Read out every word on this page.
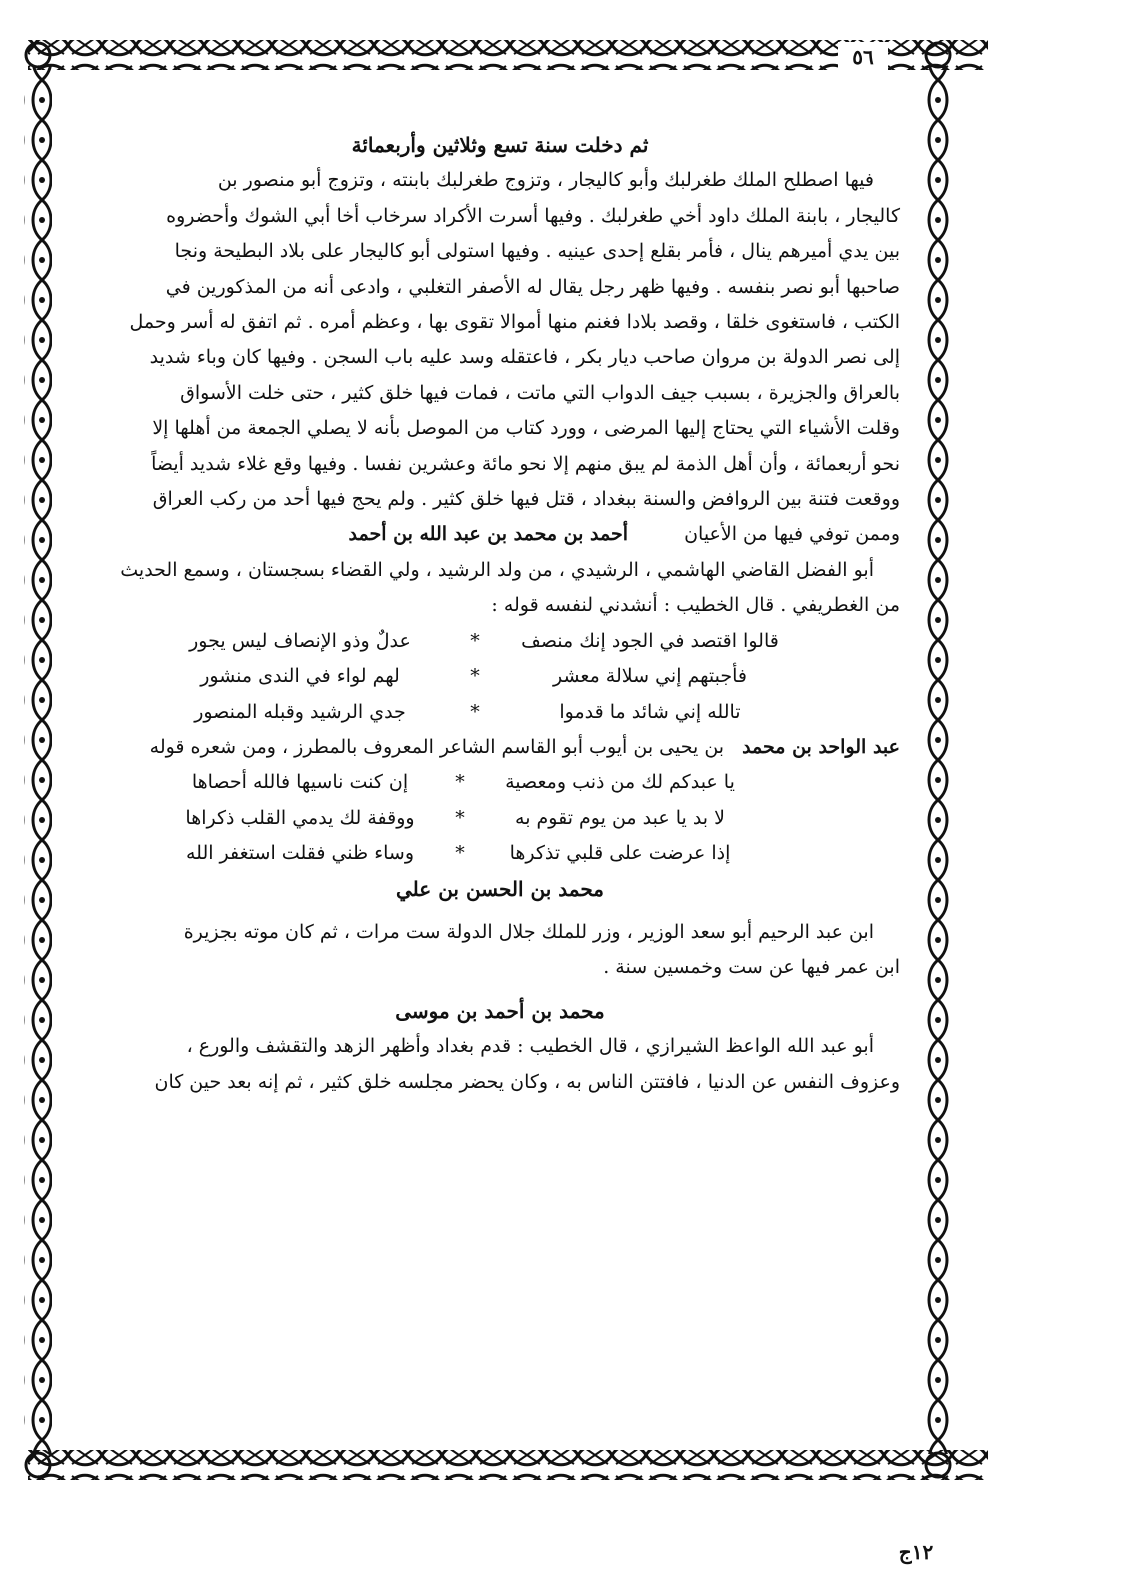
٥٦
ثم دخلت سنة تسع وثلاثين وأربعمائة

فيها اصطلح الملك طغرلبك وأبو كاليجار ، وتزوج طغرلبك بابنته ، وتزوج أبو منصور بن

كاليجار ، بابنة الملك داود أخي طغرلبك . وفيها أسرت الأكراد سرخاب أخا أبي الشوك وأحضروه

بين يدي أميرهم ينال ، فأمر بقلع إحدى عينيه . وفيها استولى أبو كاليجار على بلاد البطيحة ونجا

صاحبها أبو نصر بنفسه . وفيها ظهر رجل يقال له الأصفر التغلبي ، وادعى أنه من المذكورين في

الكتب ، فاستغوى خلقا ، وقصد بلادا فغنم منها أموالا تقوى بها ، وعظم أمره . ثم اتفق له أسر وحمل

إلى نصر الدولة بن مروان صاحب ديار بكر ، فاعتقله وسد عليه باب السجن . وفيها كان وباء شديد

بالعراق والجزيرة ، بسبب جيف الدواب التي ماتت ، فمات فيها خلق كثير ، حتى خلت الأسواق

وقلت الأشياء التي يحتاج إليها المرضى ، وورد كتاب من الموصل بأنه لا يصلي الجمعة من أهلها إلا

نحو أربعمائة ، وأن أهل الذمة لم يبق منهم إلا نحو مائة وعشرين نفسا . وفيها وقع غلاء شديد أيضاً

ووقعت فتنة بين الروافض والسنة ببغداد ، قتل فيها خلق كثير . ولم يحج فيها أحد من ركب العراق

وممن توفي فيها من الأعيان أحمد بن محمد بن عبد الله بن أحمد

أبو الفضل القاضي الهاشمي ، الرشيدي ، من ولد الرشيد ، ولي القضاء بسجستان ، وسمع الحديث

من الغطريفي . قال الخطيب : أنشدني لنفسه قوله :

قالوا اقتصد في الجود إنك منصف
*
عدلٌ وذو الإنصاف ليس يجور
فأجبتهم إني سلالة معشر
*
لهم لواء في الندى منشور
تالله إني شائد ما قدموا
*
جدي الرشيد وقبله المنصور

عبد الواحد بن محمدبن يحيى بن أيوب أبو القاسم الشاعر المعروف بالمطرز ، ومن شعره قوله

يا عبدكم لك من ذنب ومعصية
*
إن كنت ناسيها فالله أحصاها
لا بد يا عبد من يوم تقوم به
*
ووقفة لك يدمي القلب ذكراها
إذا عرضت على قلبي تذكرها
*
وساء ظني فقلت استغفر الله
محمد بن الحسن بن علي

ابن عبد الرحيم أبو سعد الوزير ، وزر للملك جلال الدولة ست مرات ، ثم كان موته بجزيرة

ابن عمر فيها عن ست وخمسين سنة .

محمد بن أحمد بن موسى

أبو عبد الله الواعظ الشيرازي ، قال الخطيب : قدم بغداد وأظهر الزهد والتقشف والورع ،

وعزوف النفس عن الدنيا ، فافتتن الناس به ، وكان يحضر مجلسه خلق كثير ، ثم إنه بعد حين كان

١٢ج
